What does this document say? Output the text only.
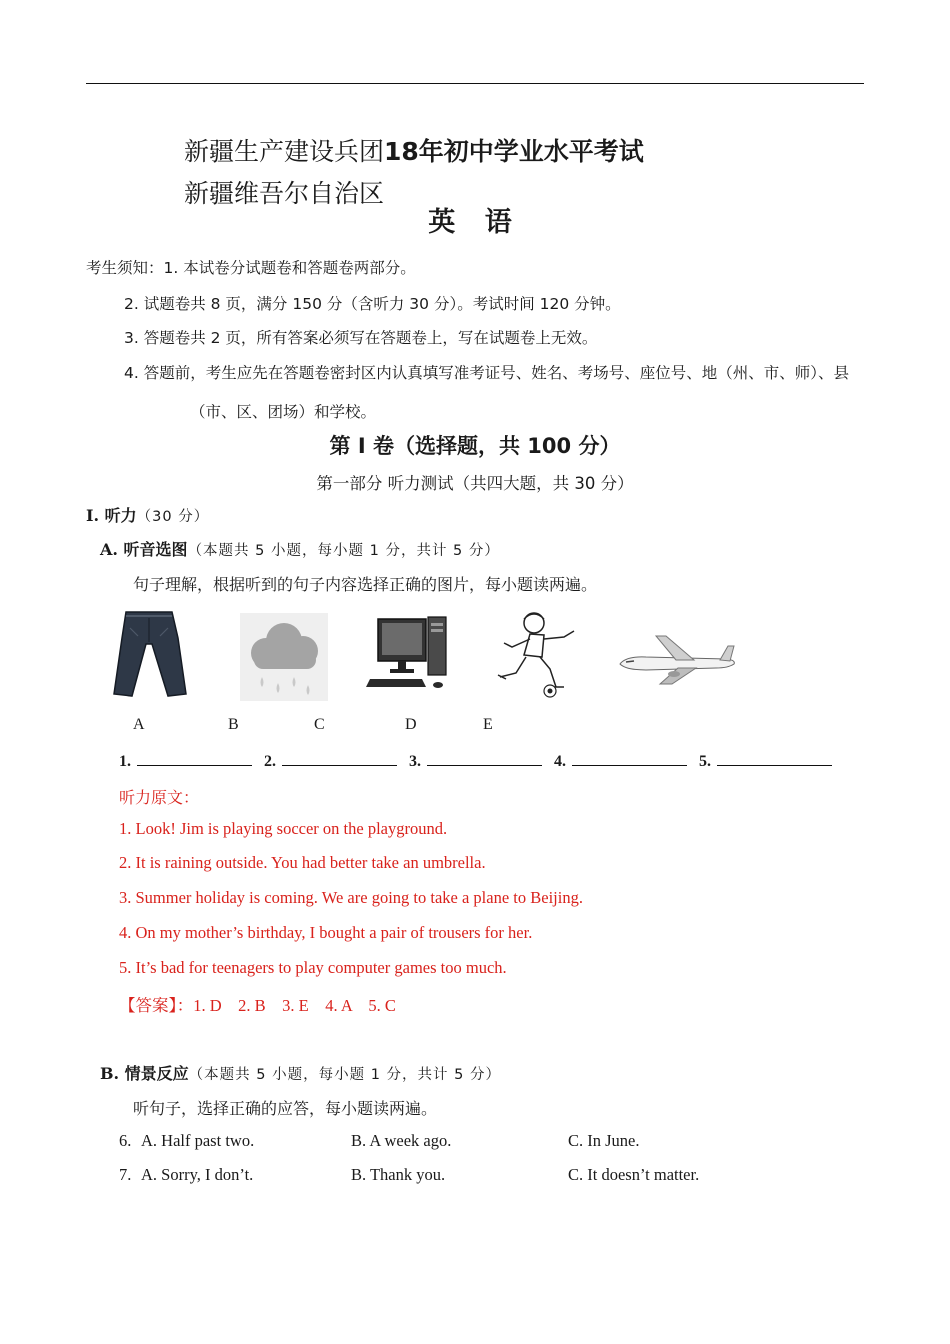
新疆生产建设兵团18年初中学业水平考试
新疆维吾尔自治区
英 语
考生须知：1. 本试卷分试题卷和答题卷两部分。
2. 试题卷共 8 页，满分 150 分（含听力 30 分）。考试时间 120 分钟。
3. 答题卷共 2 页，所有答案必须写在答题卷上，写在试题卷上无效。
4. 答题前，考生应先在答题卷密封区内认真填写准考证号、姓名、考场号、座位号、地（州、市、师）、县
（市、区、团场）和学校。
第 I 卷（选择题，共 100 分）
第一部分 听力测试（共四大题，共 30 分）
I. 听力（30 分）
A. 听音选图（本题共 5 小题，每小题 1 分，共计 5 分）
句子理解，根据听到的句子内容选择正确的图片，每小题读两遍。
A	B	C	D	E
1.	2.	3.	4.	5.
听力原文：
1. Look! Jim is playing soccer on the playground.
2. It is raining outside. You had better take an umbrella.
3. Summer holiday is coming. We are going to take a plane to Beijing.
4. On my mother’s birthday, I bought a pair of trousers for her.
5. It’s bad for teenagers to play computer games too much.
【答案】：1. D    2. B    3. E    4. A    5. C
B. 情景反应（本题共 5 小题，每小题 1 分，共计 5 分）
听句子，选择正确的应答，每小题读两遍。
6. A. Half past two.	B. A week ago.	C. In June.
7. A. Sorry, I don’t.	B. Thank you.	C. It doesn’t matter.
